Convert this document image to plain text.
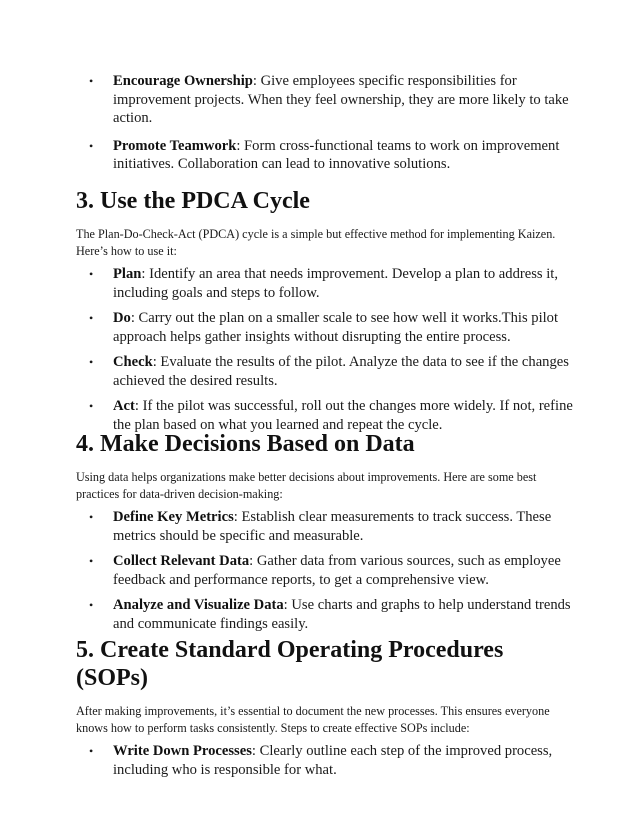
• Encourage Ownership: Give employees specific responsibilities for improvement projects. When they feel ownership, they are more likely to take action.
• Promote Teamwork: Form cross-functional teams to work on improvement initiatives. Collaboration can lead to innovative solutions.
3. Use the PDCA Cycle

The Plan-Do-Check-Act (PDCA) cycle is a simple but effective method for implementing Kaizen. Here’s how to use it:

• Plan: Identify an area that needs improvement. Develop a plan to address it, including goals and steps to follow.
• Do: Carry out the plan on a smaller scale to see how well it works.This pilot approach helps gather insights without disrupting the entire process.
• Check: Evaluate the results of the pilot. Analyze the data to see if the changes achieved the desired results.
• Act: If the pilot was successful, roll out the changes more widely. If not, refine the plan based on what you learned and repeat the cycle.
4. Make Decisions Based on Data

Using data helps organizations make better decisions about improvements. Here are some best practices for data-driven decision-making:

• Define Key Metrics: Establish clear measurements to track success. These metrics should be specific and measurable.
• Collect Relevant Data: Gather data from various sources, such as employee feedback and performance reports, to get a comprehensive view.
• Analyze and Visualize Data: Use charts and graphs to help understand trends and communicate findings easily.
5. Create Standard Operating Procedures (SOPs)

After making improvements, it’s essential to document the new processes. This ensures everyone knows how to perform tasks consistently. Steps to create effective SOPs include:

• Write Down Processes: Clearly outline each step of the improved process, including who is responsible for what.
